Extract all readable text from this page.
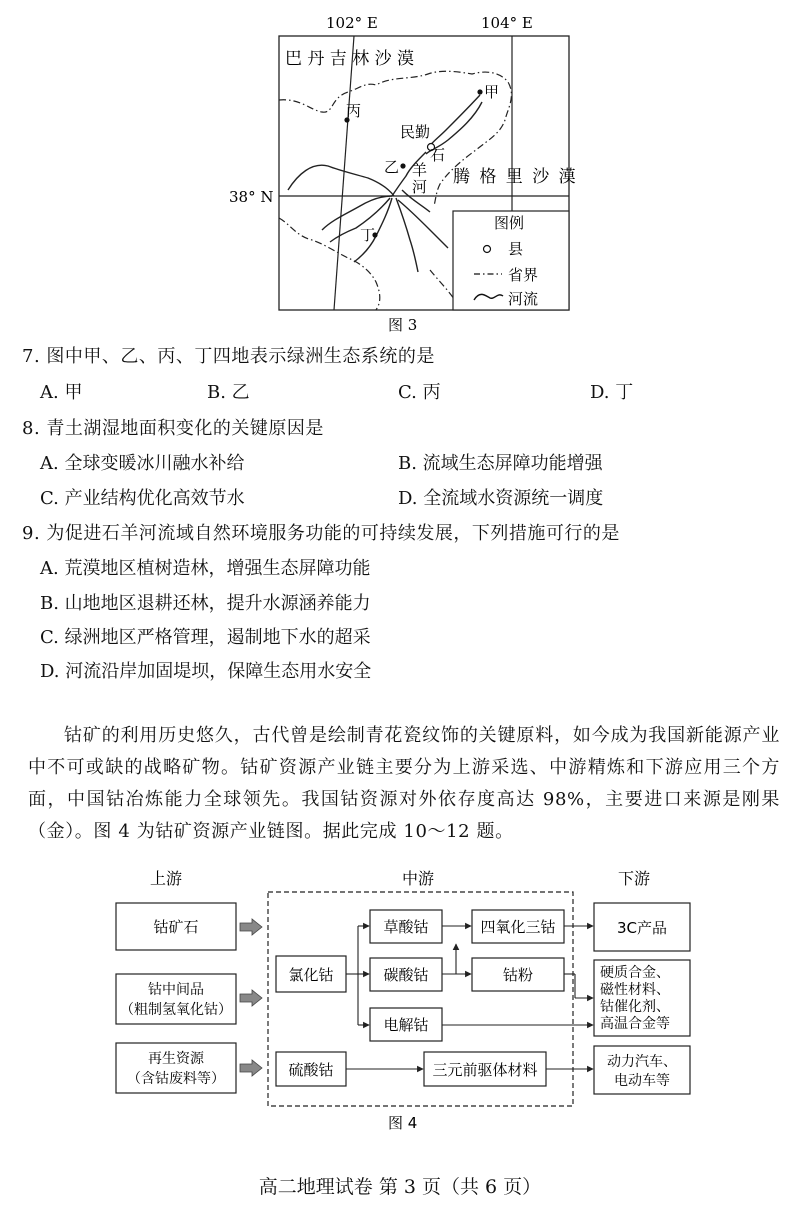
102° E	104° E
38° N
巴 丹 吉 林 沙 漠
腾 格 里 沙 漠
甲
丙
民勤
乙
石
羊
河
丁
图例
县
省界
河流
图 3
7. 图中甲、乙、丙、丁四地表示绿洲生态系统的是
A. 甲	B. 乙	C. 丙	D. 丁
8. 青土湖湿地面积变化的关键原因是
A. 全球变暖冰川融水补给	B. 流域生态屏障功能增强
C. 产业结构优化高效节水	D. 全流域水资源统一调度
9. 为促进石羊河流域自然环境服务功能的可持续发展，下列措施可行的是
A. 荒漠地区植树造林，增强生态屏障功能
B. 山地地区退耕还林，提升水源涵养能力
C. 绿洲地区严格管理，遏制地下水的超采
D. 河流沿岸加固堤坝，保障生态用水安全
钴矿的利用历史悠久，古代曾是绘制青花瓷纹饰的关键原料，如今成为我国新能源产业中不可或缺的战略矿物。钴矿资源产业链主要分为上游采选、中游精炼和下游应用三个方面，中国钴冶炼能力全球领先。我国钴资源对外依存度高达 98%，主要进口来源是刚果（金）。图 4 为钴矿资源产业链图。据此完成 10～12 题。
上游	中游	下游
钴矿石
钴中间品
（粗制氢氧化钴）
再生资源
（含钴废料等）
氯化钴
草酸钴
碳酸钴
电解钴
四氧化三钴
钴粉
硫酸钴	三元前驱体材料
3C产品
硬质合金、
磁性材料、
钴催化剂、
高温合金等
动力汽车、
电动车等
图 4
高二地理试卷 第 3 页（共 6 页）
